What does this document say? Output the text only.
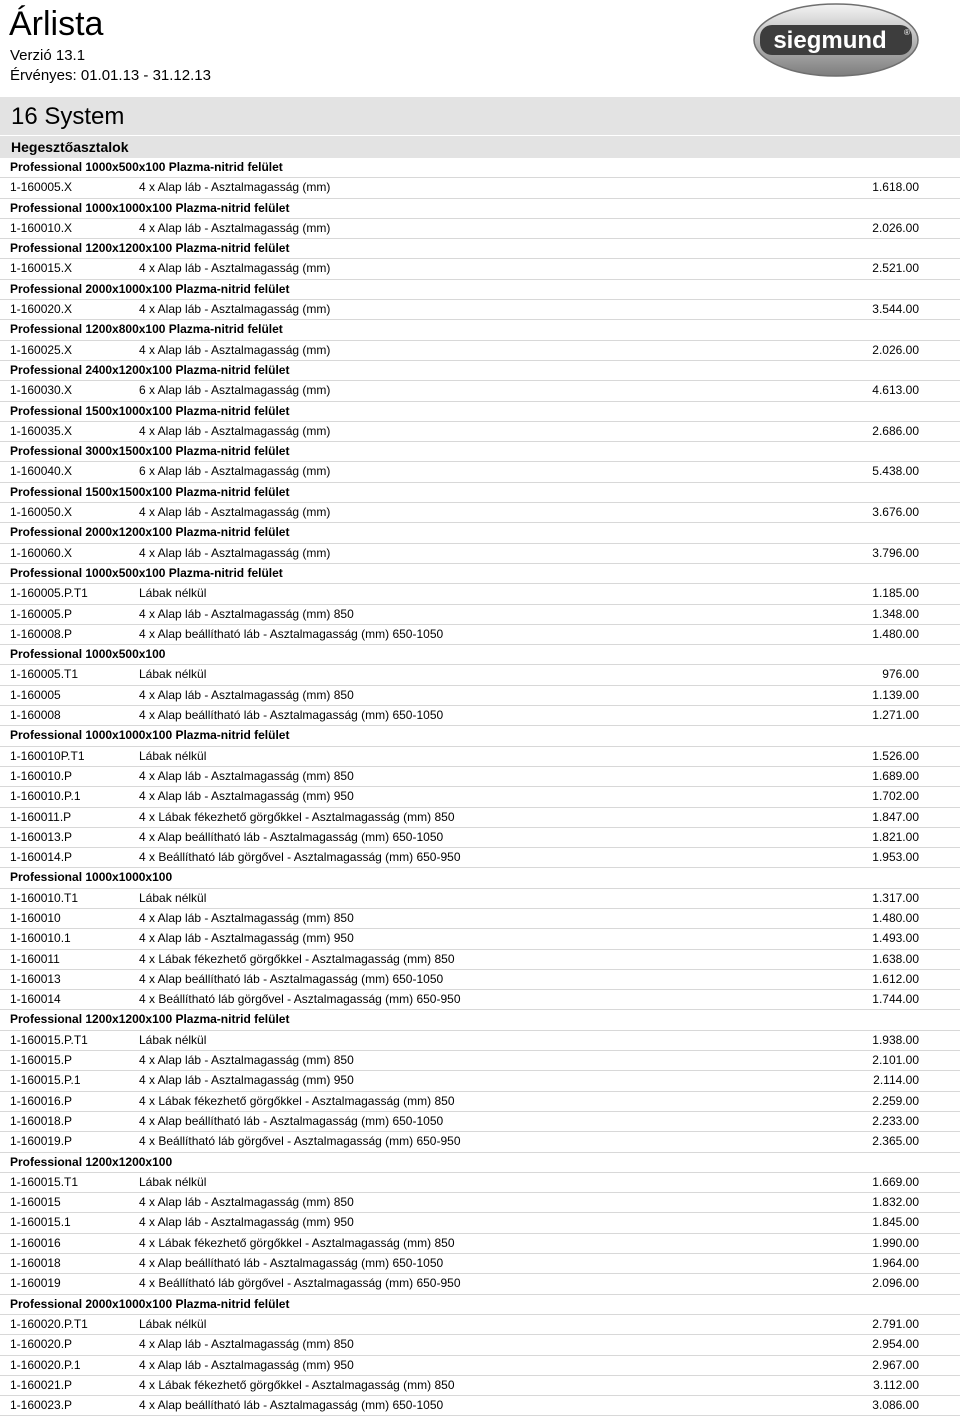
Árlista
Verzió 13.1
Érvényes: 01.01.13 - 31.12.13
siegmund ®
16 System
Hegesztőasztalok
Professional 1000x500x100 Plazma-nitrid felület
1-160005.X	4 x Alap láb - Asztalmagasság (mm)	1.618.00
Professional 1000x1000x100 Plazma-nitrid felület
1-160010.X	4 x Alap láb - Asztalmagasság (mm)	2.026.00
Professional 1200x1200x100 Plazma-nitrid felület
1-160015.X	4 x Alap láb - Asztalmagasság (mm)	2.521.00
Professional 2000x1000x100 Plazma-nitrid felület
1-160020.X	4 x Alap láb - Asztalmagasság (mm)	3.544.00
Professional 1200x800x100 Plazma-nitrid felület
1-160025.X	4 x Alap láb - Asztalmagasság (mm)	2.026.00
Professional 2400x1200x100 Plazma-nitrid felület
1-160030.X	6 x Alap láb - Asztalmagasság (mm)	4.613.00
Professional 1500x1000x100 Plazma-nitrid felület
1-160035.X	4 x Alap láb - Asztalmagasság (mm)	2.686.00
Professional 3000x1500x100 Plazma-nitrid felület
1-160040.X	6 x Alap láb - Asztalmagasság (mm)	5.438.00
Professional 1500x1500x100 Plazma-nitrid felület
1-160050.X	4 x Alap láb - Asztalmagasság (mm)	3.676.00
Professional 2000x1200x100 Plazma-nitrid felület
1-160060.X	4 x Alap láb - Asztalmagasság (mm)	3.796.00
Professional 1000x500x100 Plazma-nitrid felület
1-160005.P.T1	Lábak nélkül	1.185.00
1-160005.P	4 x Alap láb - Asztalmagasság (mm) 850	1.348.00
1-160008.P	4 x Alap beállítható láb - Asztalmagasság (mm) 650-1050	1.480.00
Professional 1000x500x100
1-160005.T1	Lábak nélkül	976.00
1-160005	4 x Alap láb - Asztalmagasság (mm) 850	1.139.00
1-160008	4 x Alap beállítható láb - Asztalmagasság (mm) 650-1050	1.271.00
Professional 1000x1000x100 Plazma-nitrid felület
1-160010P.T1	Lábak nélkül	1.526.00
1-160010.P	4 x Alap láb - Asztalmagasság (mm) 850	1.689.00
1-160010.P.1	4 x Alap láb - Asztalmagasság (mm) 950	1.702.00
1-160011.P	4 x Lábak fékezhető görgőkkel - Asztalmagasság (mm) 850	1.847.00
1-160013.P	4 x Alap beállítható láb - Asztalmagasság (mm) 650-1050	1.821.00
1-160014.P	4 x Beállítható láb görgővel - Asztalmagasság (mm) 650-950	1.953.00
Professional 1000x1000x100
1-160010.T1	Lábak nélkül	1.317.00
1-160010	4 x Alap láb - Asztalmagasság (mm) 850	1.480.00
1-160010.1	4 x Alap láb - Asztalmagasság (mm) 950	1.493.00
1-160011	4 x Lábak fékezhető görgőkkel - Asztalmagasság (mm) 850	1.638.00
1-160013	4 x Alap beállítható láb - Asztalmagasság (mm) 650-1050	1.612.00
1-160014	4 x Beállítható láb görgővel - Asztalmagasság (mm) 650-950	1.744.00
Professional 1200x1200x100 Plazma-nitrid felület
1-160015.P.T1	Lábak nélkül	1.938.00
1-160015.P	4 x Alap láb - Asztalmagasság (mm) 850	2.101.00
1-160015.P.1	4 x Alap láb - Asztalmagasság (mm) 950	2.114.00
1-160016.P	4 x Lábak fékezhető görgőkkel - Asztalmagasság (mm) 850	2.259.00
1-160018.P	4 x Alap beállítható láb - Asztalmagasság (mm) 650-1050	2.233.00
1-160019.P	4 x Beállítható láb görgővel - Asztalmagasság (mm) 650-950	2.365.00
Professional 1200x1200x100
1-160015.T1	Lábak nélkül	1.669.00
1-160015	4 x Alap láb - Asztalmagasság (mm) 850	1.832.00
1-160015.1	4 x Alap láb - Asztalmagasság (mm) 950	1.845.00
1-160016	4 x Lábak fékezhető görgőkkel - Asztalmagasság (mm) 850	1.990.00
1-160018	4 x Alap beállítható láb - Asztalmagasság (mm) 650-1050	1.964.00
1-160019	4 x Beállítható láb görgővel - Asztalmagasság (mm) 650-950	2.096.00
Professional 2000x1000x100 Plazma-nitrid felület
1-160020.P.T1	Lábak nélkül	2.791.00
1-160020.P	4 x Alap láb - Asztalmagasság (mm) 850	2.954.00
1-160020.P.1	4 x Alap láb - Asztalmagasság (mm) 950	2.967.00
1-160021.P	4 x Lábak fékezhető görgőkkel - Asztalmagasság (mm) 850	3.112.00
1-160023.P	4 x Alap beállítható láb - Asztalmagasság (mm) 650-1050	3.086.00
